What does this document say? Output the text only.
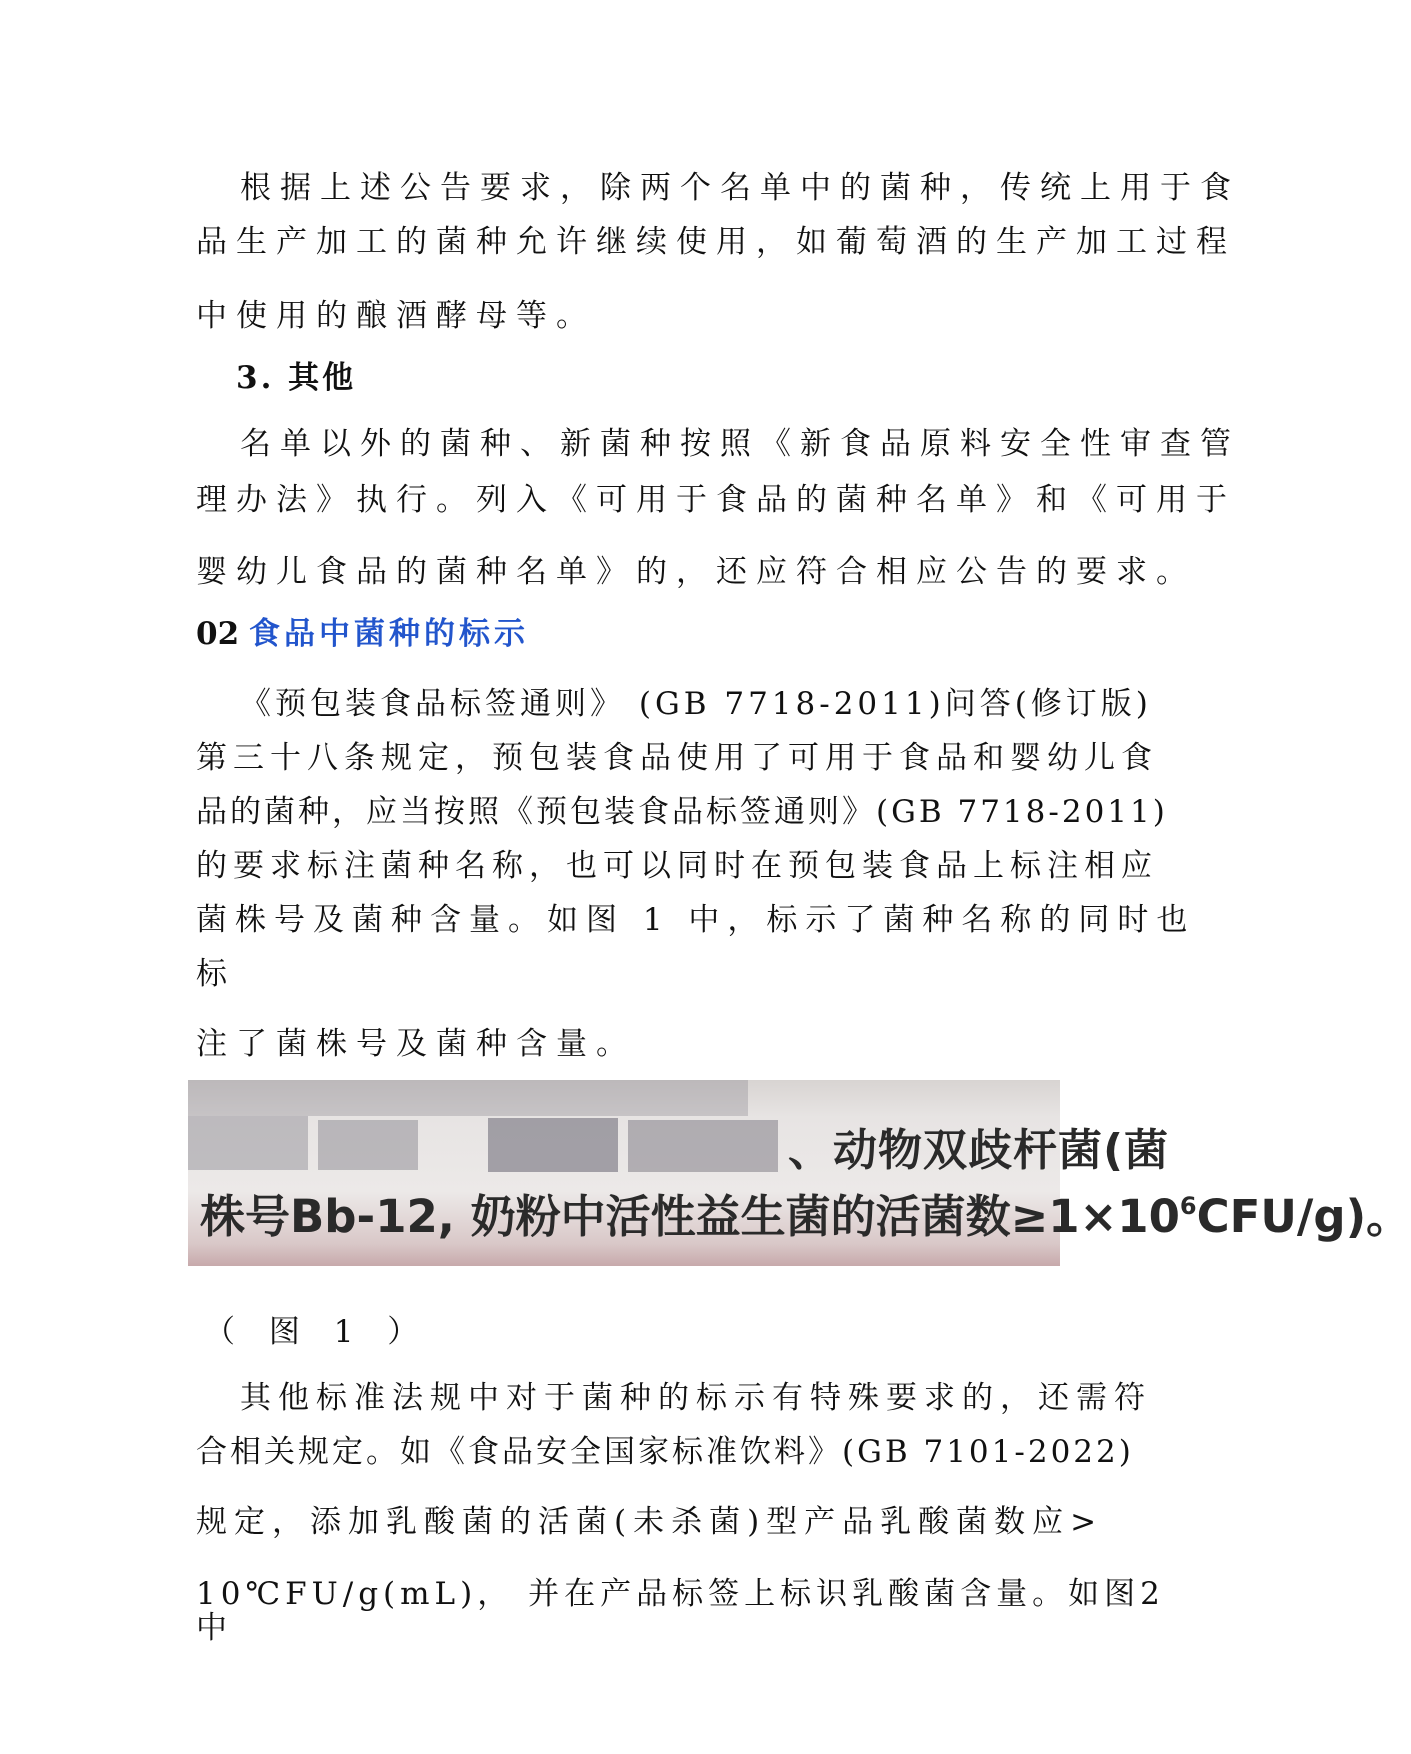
根据上述公告要求，除两个名单中的菌种，传统上用于食
品生产加工的菌种允许继续使用，如葡萄酒的生产加工过程
中使用的酿酒酵母等。
3. 其他
名单以外的菌种、新菌种按照《新食品原料安全性审查管
理办法》执行。列入《可用于食品的菌种名单》和《可用于
婴幼儿食品的菌种名单》的，还应符合相应公告的要求。
02 食品中菌种的标示
《预包装食品标签通则》 (GB 7718-2011)问答(修订版)
第三十八条规定，预包装食品使用了可用于食品和婴幼儿食
品的菌种，应当按照《预包装食品标签通则》(GB 7718-2011)
的要求标注菌种名称，也可以同时在预包装食品上标注相应
菌株号及菌种含量。如图 1 中，标示了菌种名称的同时也
标
注了菌株号及菌种含量。
、动物双歧杆菌(菌
株号Bb-12, 奶粉中活性益生菌的活菌数$\ge 1\times 10^6CFU/g$)。
（ 图 1 ）
其他标准法规中对于菌种的标示有特殊要求的，还需符
合相关规定。如《食品安全国家标准饮料》(GB 7101-2022)
规定，添加乳酸菌的活菌(未杀菌)型产品乳酸菌数应>
10℃FU/g(mL)， 并在产品标签上标识乳酸菌含量。如图2
中
